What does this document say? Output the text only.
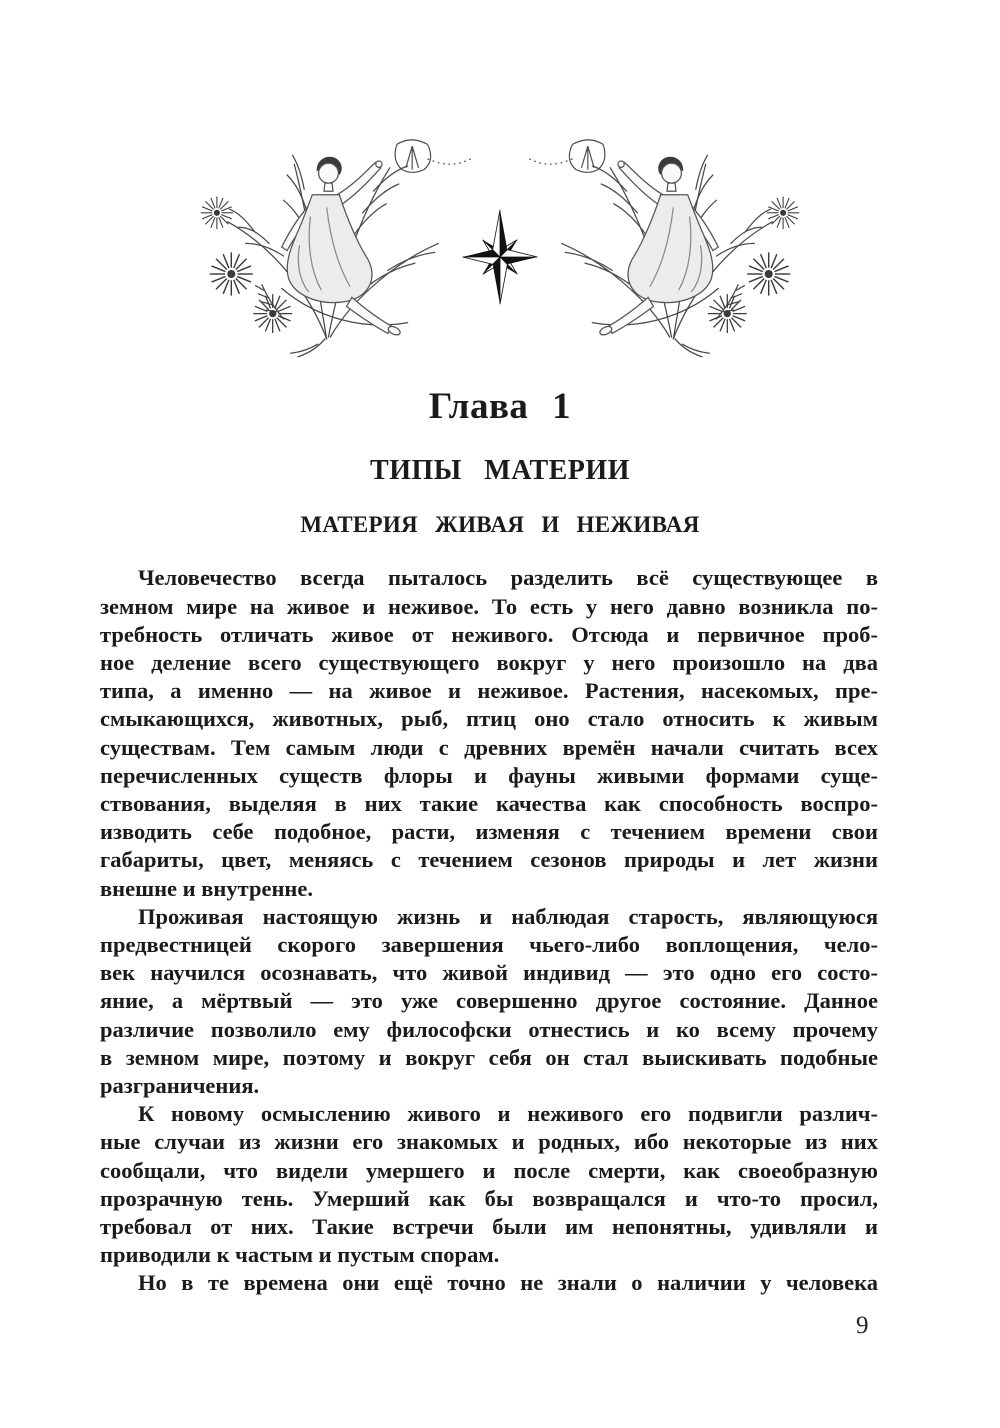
Глава 1
ТИПЫ МАТЕРИИ
МАТЕРИЯ ЖИВАЯ И НЕЖИВАЯ
Человечество всегда пыталось разделить всё существующее в
земном мире на живое и неживое. То есть у него давно возникла по-
требность отличать живое от неживого. Отсюда и первичное проб-
ное деление всего существующего вокруг у него произошло на два
типа, а именно — на живое и неживое. Растения, насекомых, пре-
смыкающихся, животных, рыб, птиц оно стало относить к живым
существам. Тем самым люди с древних времён начали считать всех
перечисленных существ флоры и фауны живыми формами суще-
ствования, выделяя в них такие качества как способность воспро-
изводить себе подобное, расти, изменяя с течением времени свои
габариты, цвет, меняясь с течением сезонов природы и лет жизни
внешне и внутренне.
Проживая настоящую жизнь и наблюдая старость, являющуюся
предвестницей скорого завершения чьего-либо воплощения, чело-
век научился осознавать, что живой индивид — это одно его состо-
яние, а мёртвый — это уже совершенно другое состояние. Данное
различие позволило ему философски отнестись и ко всему прочему
в земном мире, поэтому и вокруг себя он стал выискивать подобные
разграничения.
К новому осмыслению живого и неживого его подвигли различ-
ные случаи из жизни его знакомых и родных, ибо некоторые из них
сообщали, что видели умершего и после смерти, как своеобразную
прозрачную тень. Умерший как бы возвращался и что-то просил,
требовал от них. Такие встречи были им непонятны, удивляли и
приводили к частым и пустым спорам.
Но в те времена они ещё точно не знали о наличии у человека
9
